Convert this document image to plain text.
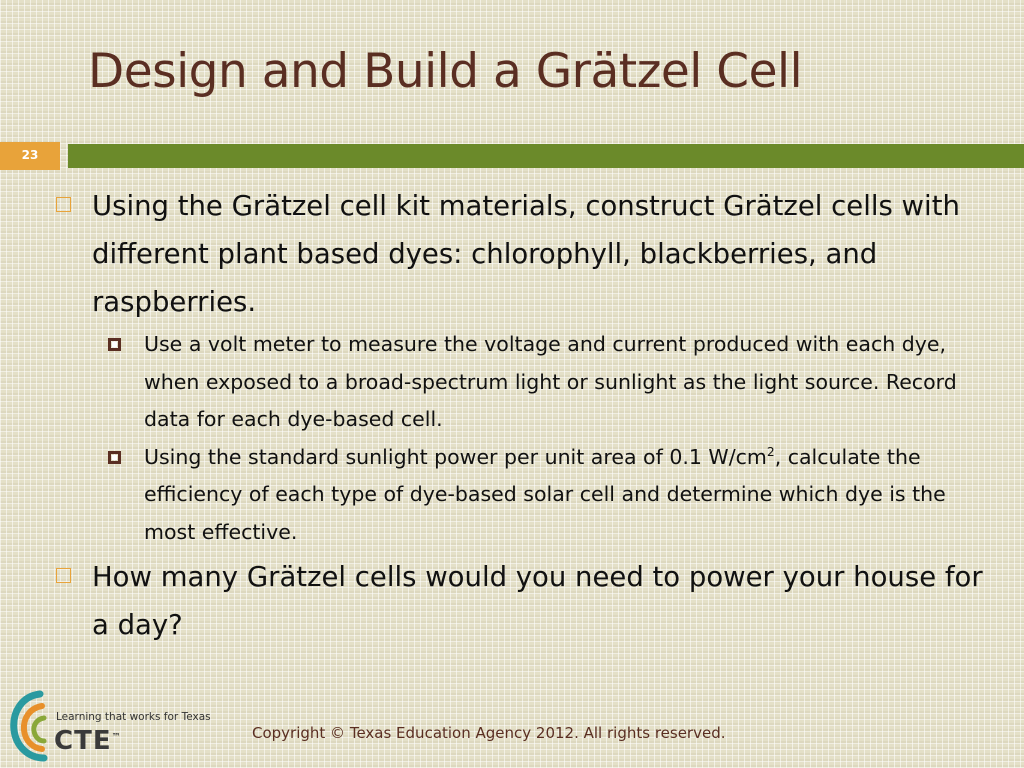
Design and Build a Grätzel Cell
23

Using the Grätzel cell kit materials, construct Grätzel cells with different plant based dyes: chlorophyll, blackberries, and raspberries.

Use a volt meter to measure the voltage and current produced with each dye, when exposed to a broad-spectrum light or sunlight as the light source. Record data for each dye-based cell.

Using the standard sunlight power per unit area of 0.1 $W/cm^2$, calculate the efficiency of each type of dye-based solar cell and determine which dye is the most effective.

How many Grätzel cells would you need to power your house for a day?

Learning that works for Texas
CTE™	Copyright © Texas Education Agency 2012. All rights reserved.
